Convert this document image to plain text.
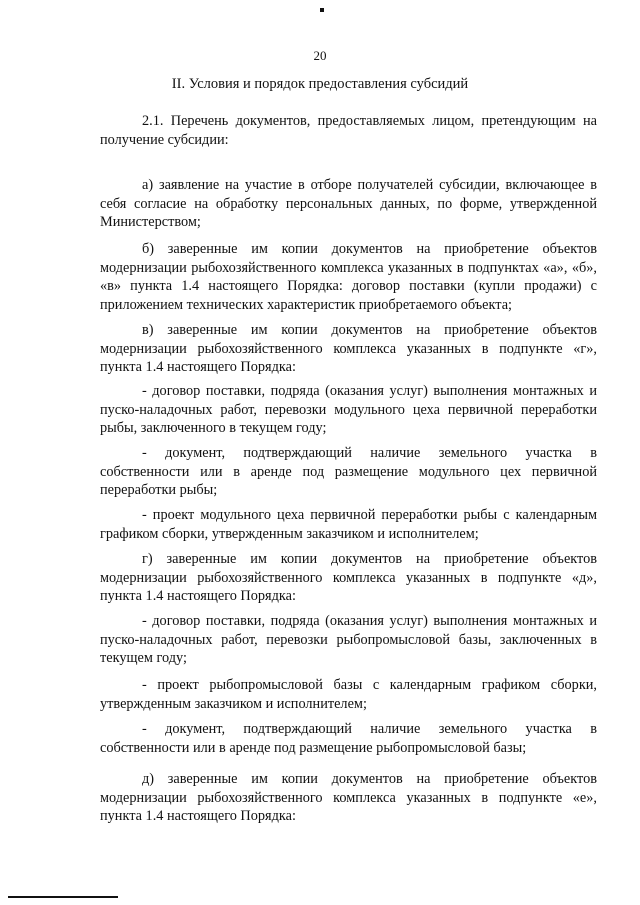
20
II. Условия и порядок предоставления субсидий

2.1. Перечень документов, предоставляемых лицом, претендующим на получение субсидии:

а) заявление на участие в отборе получателей субсидии, включающее в себя согласие на обработку персональных данных, по форме, утвержденной Министерством;

б) заверенные им копии документов на приобретение объектов модернизации рыбохозяйственного комплекса указанных в подпунктах «а», «б», «в» пункта 1.4 настоящего Порядка: договор поставки (купли продажи) с приложением технических характеристик приобретаемого объекта;

в) заверенные им копии документов на приобретение объектов модернизации рыбохозяйственного комплекса указанных в подпункте «г», пункта 1.4 настоящего Порядка:

- договор поставки, подряда (оказания услуг) выполнения монтажных и пуско-наладочных работ, перевозки модульного цеха первичной переработки рыбы, заключенного в текущем году;

- документ, подтверждающий наличие земельного участка в собственности или в аренде под размещение модульного цех первичной переработки рыбы;

- проект модульного цеха первичной переработки рыбы с календарным графиком сборки, утвержденным заказчиком и исполнителем;

г) заверенные им копии документов на приобретение объектов модернизации рыбохозяйственного комплекса указанных в подпункте «д», пункта 1.4 настоящего Порядка:

- договор поставки, подряда (оказания услуг) выполнения монтажных и пуско-наладочных работ, перевозки рыбопромысловой базы, заключенных в текущем году;

- проект рыбопромысловой базы с календарным графиком сборки, утвержденным заказчиком и исполнителем;

- документ, подтверждающий наличие земельного участка в собственности или в аренде под размещение рыбопромысловой базы;

д) заверенные им копии документов на приобретение объектов модернизации рыбохозяйственного комплекса указанных в подпункте «е», пункта 1.4 настоящего Порядка:
